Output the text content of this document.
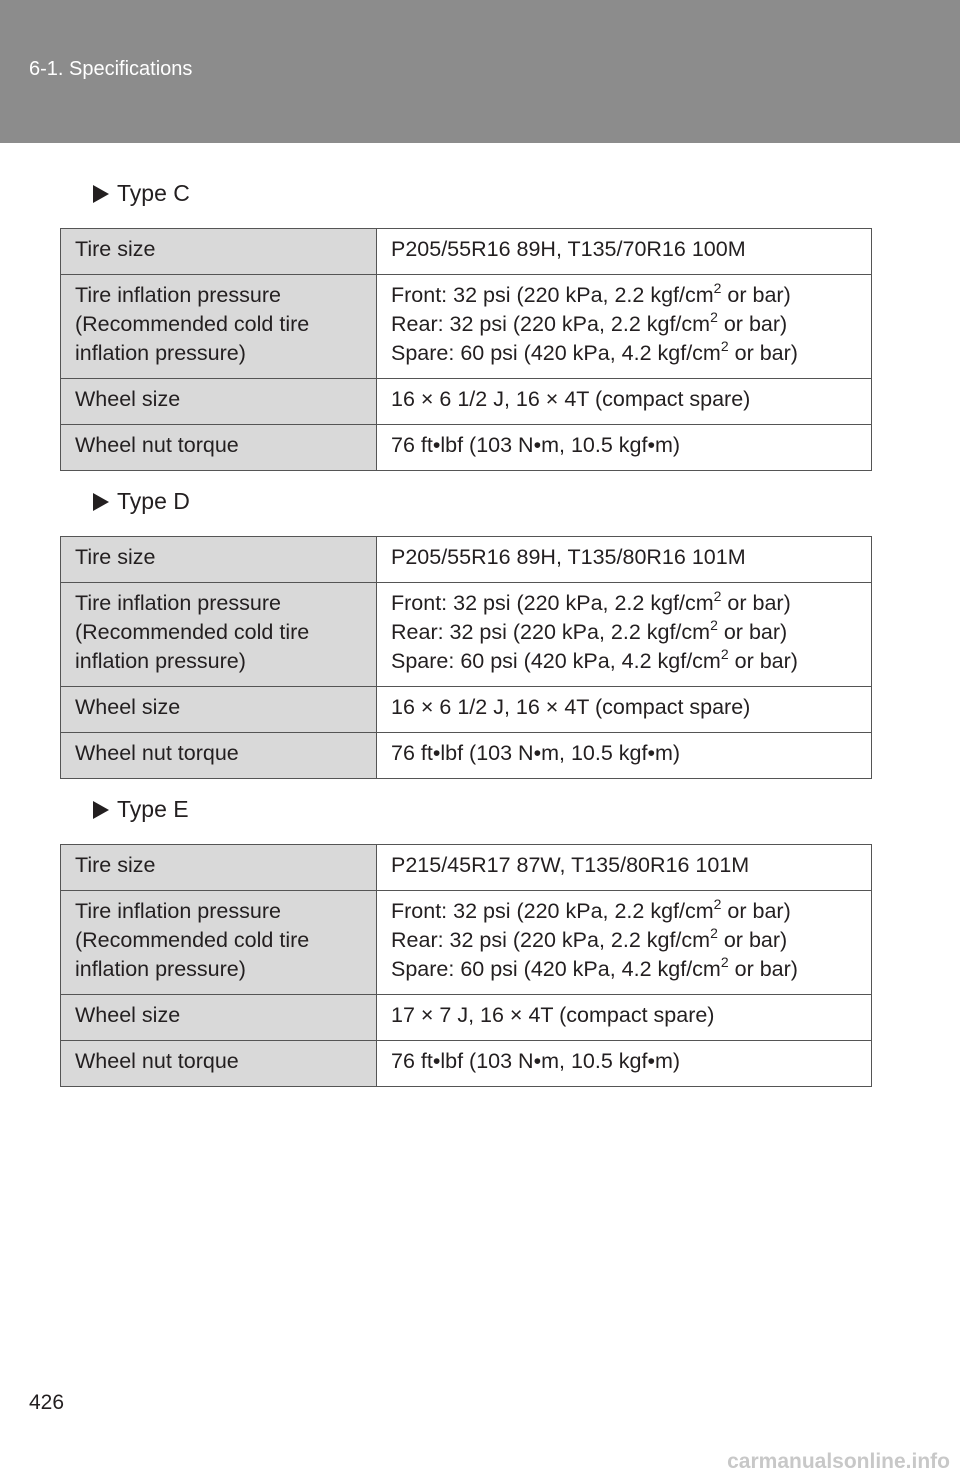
6-1. Specifications
Type C
Tire size	P205/55R16 89H, T135/70R16 100M

Tire inflation pressure
(Recommended cold tire
inflation pressure)	Front: 32 psi (220 kPa, 2.2 kgf/$cm^2$ or bar)
Rear: 32 psi (220 kPa, 2.2 kgf/$cm^2$ or bar)
Spare: 60 psi (420 kPa, 4.2 kgf/$cm^2$ or bar)

Wheel size	16 × 6 1/2 J, 16 × 4T (compact spare)
Wheel nut torque	76 ft•lbf (103 N•m, 10.5 kgf•m)
Type D
Tire size	P205/55R16 89H, T135/80R16 101M

Tire inflation pressure
(Recommended cold tire
inflation pressure)	Front: 32 psi (220 kPa, 2.2 kgf/$cm^2$ or bar)
Rear: 32 psi (220 kPa, 2.2 kgf/$cm^2$ or bar)
Spare: 60 psi (420 kPa, 4.2 kgf/$cm^2$ or bar)

Wheel size	16 × 6 1/2 J, 16 × 4T (compact spare)
Wheel nut torque	76 ft•lbf (103 N•m, 10.5 kgf•m)
Type E
Tire size	P215/45R17 87W, T135/80R16 101M

Tire inflation pressure
(Recommended cold tire
inflation pressure)	Front: 32 psi (220 kPa, 2.2 kgf/$cm^2$ or bar)
Rear: 32 psi (220 kPa, 2.2 kgf/$cm^2$ or bar)
Spare: 60 psi (420 kPa, 4.2 kgf/$cm^2$ or bar)

Wheel size	17 × 7 J, 16 × 4T (compact spare)
Wheel nut torque	76 ft•lbf (103 N•m, 10.5 kgf•m)
426
carmanualsonline.info
